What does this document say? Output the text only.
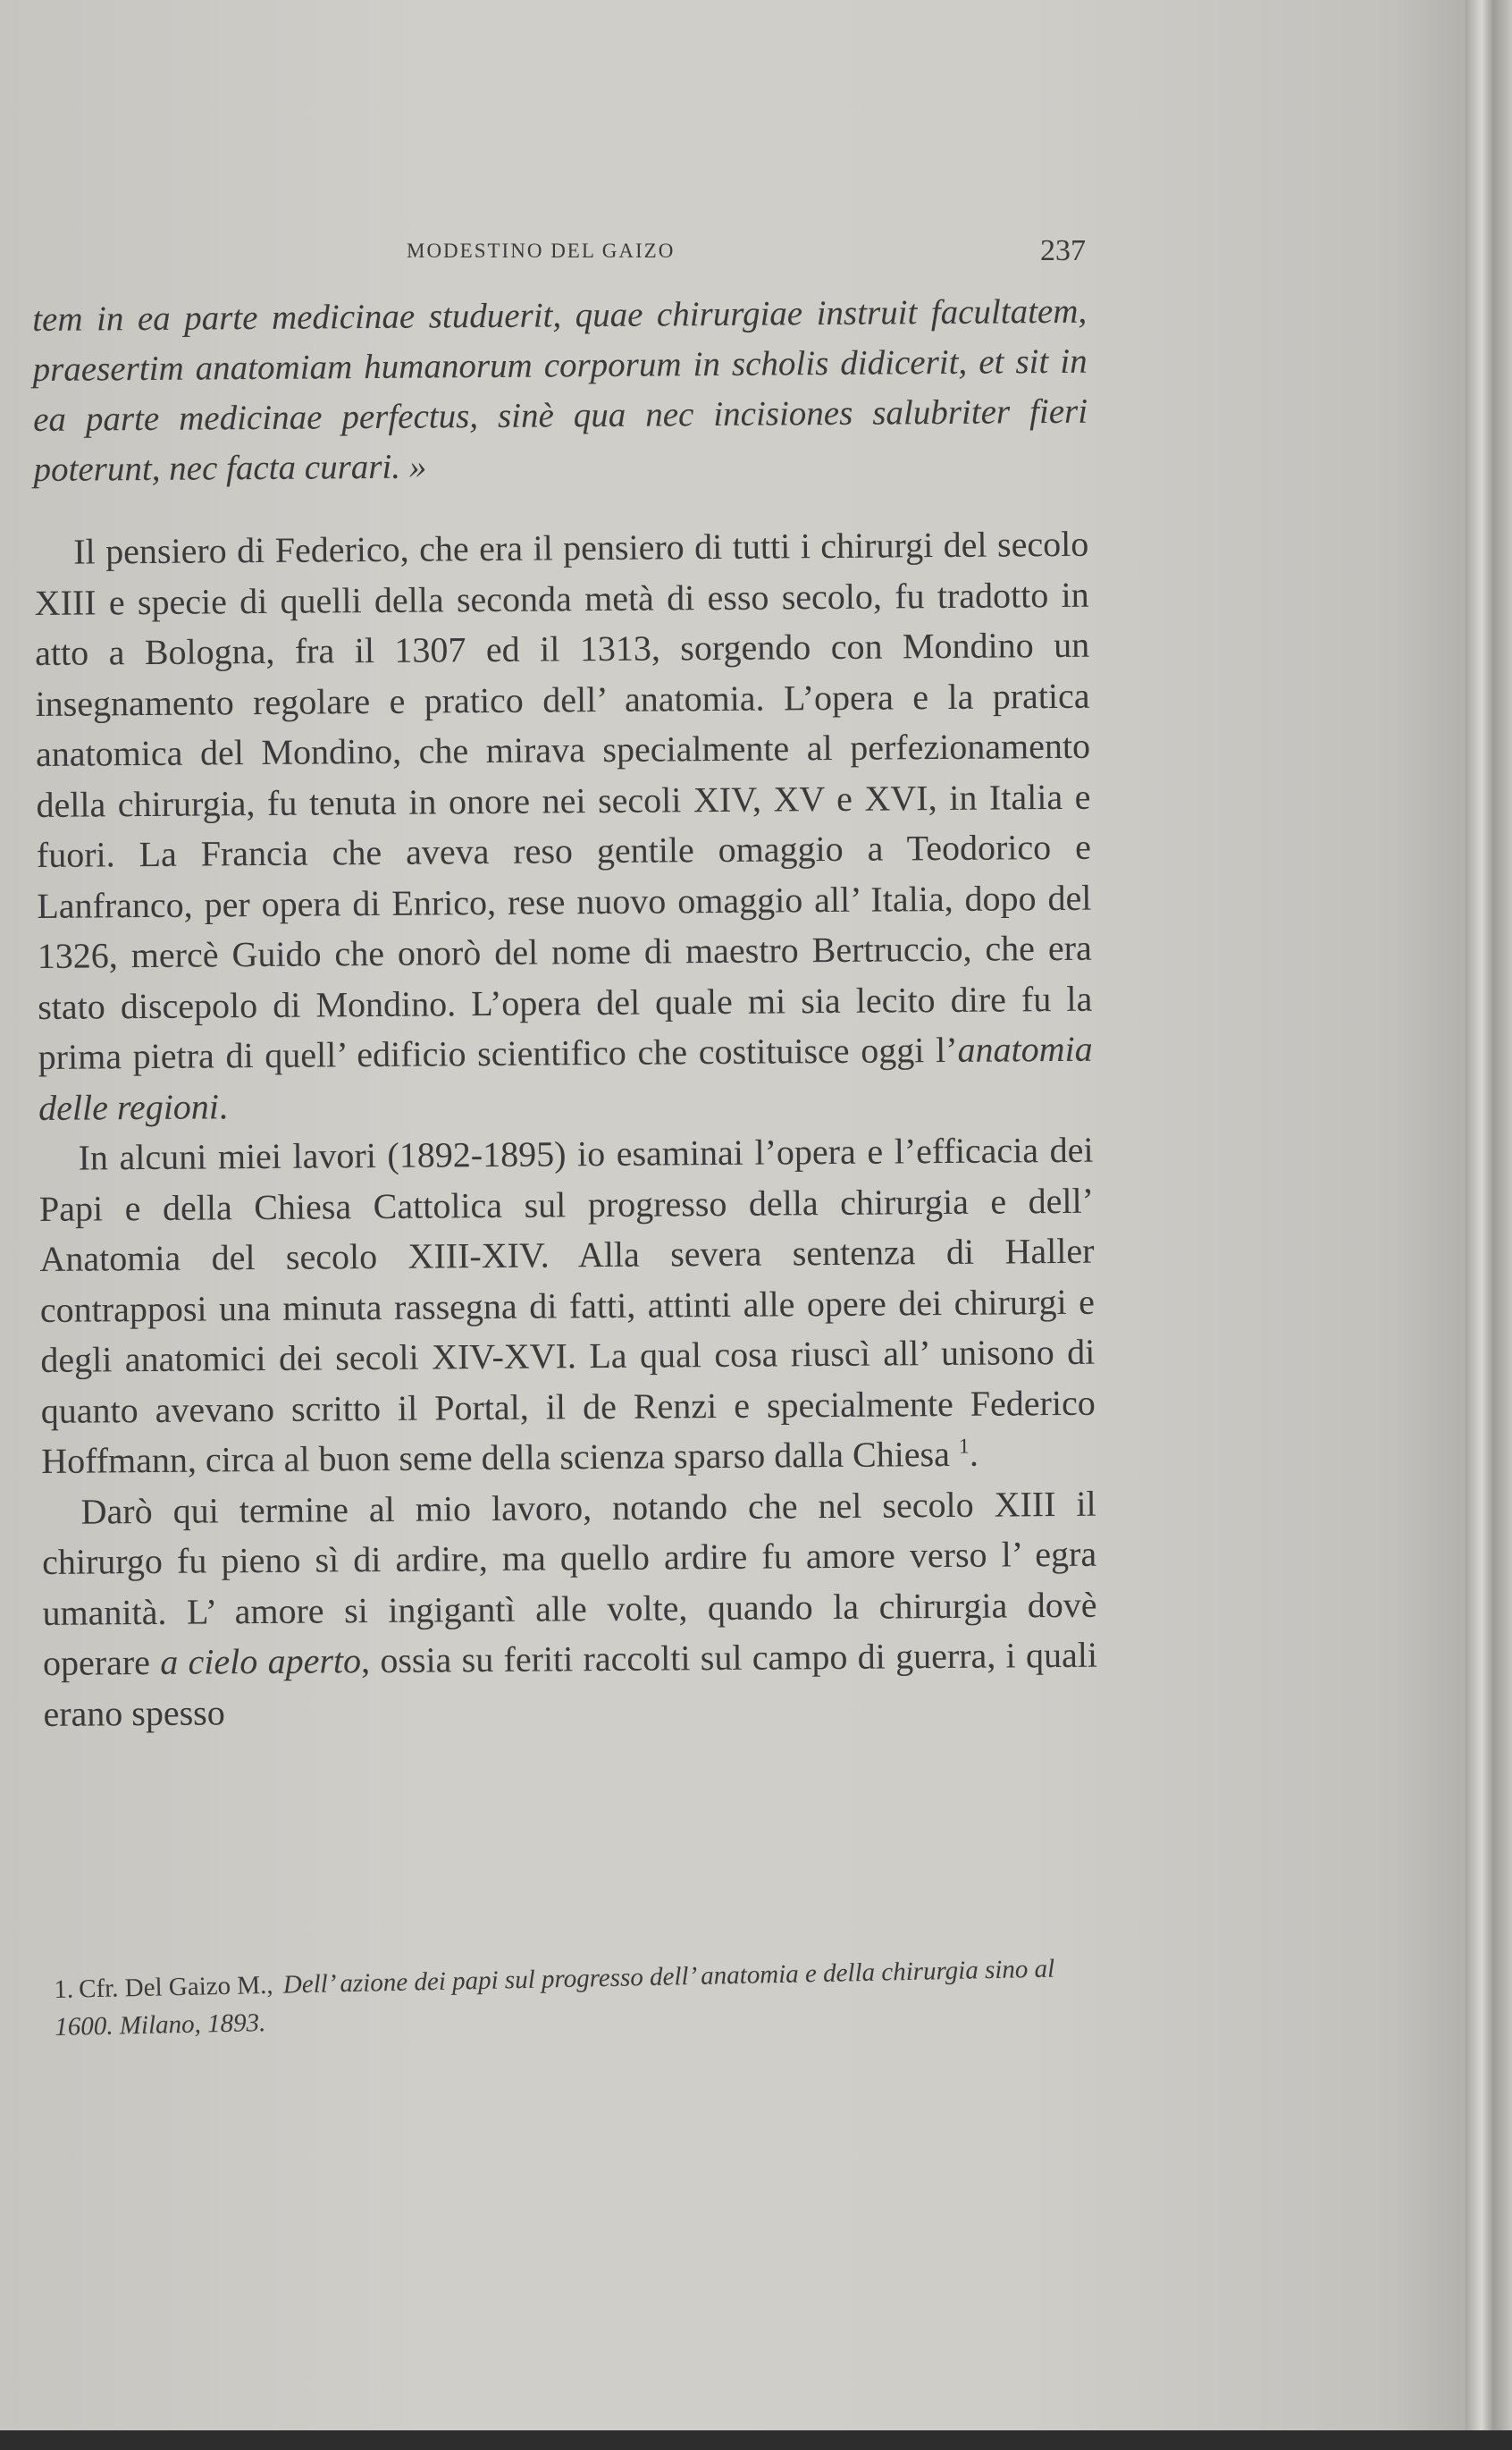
MODESTINO DEL GAIZO	237

tem in ea parte medicinae studuerit, quae chirurgiae instruit facultatem, praesertim anatomiam humanorum corporum in scholis didicerit, et sit in ea parte medicinae perfectus, sinè qua nec incisiones salubriter fieri poterunt, nec facta curari. »

Il pensiero di Federico, che era il pensiero di tutti i chirurgi del secolo XIII e specie di quelli della seconda metà di esso secolo, fu tradotto in atto a Bologna, fra il 1307 ed il 1313, sorgendo con Mondino un insegnamento regolare e pratico dell’ anatomia. L’opera e la pratica anatomica del Mondino, che mirava specialmente al perfezionamento della chirurgia, fu tenuta in onore nei secoli XIV, XV e XVI, in Italia e fuori. La Francia che aveva reso gentile omaggio a Teodorico e Lanfranco, per opera di Enrico, rese nuovo omaggio all’ Italia, dopo del 1326, mercè Guido che onorò del nome di maestro Bertruccio, che era stato discepolo di Mondino. L’opera del quale mi sia lecito dire fu la prima pietra di quell’ edificio scientifico che costituisce oggi l’anatomia delle regioni.

In alcuni miei lavori (1892-1895) io esaminai l’opera e l’efficacia dei Papi e della Chiesa Cattolica sul progresso della chirurgia e dell’ Anatomia del secolo XIII-XIV. Alla severa sentenza di Haller contrapposi una minuta rassegna di fatti, attinti alle opere dei chirurgi e degli anatomici dei secoli XIV-XVI. La qual cosa riuscì all’ unisono di quanto avevano scritto il Portal, il de Renzi e specialmente Federico Hoffmann, circa al buon seme della scienza sparso dalla Chiesa $^1$.

Darò qui termine al mio lavoro, notando che nel secolo XIII il chirurgo fu pieno sì di ardire, ma quello ardire fu amore verso l’ egra umanità. L’ amore si ingigantì alle volte, quando la chirurgia dovè operare a cielo aperto, ossia su feriti raccolti sul campo di guerra, i quali erano spesso

1. Cfr. Del Gaizo M., Dell’ azione dei papi sul progresso dell’ anatomia e della chirurgia sino al 1600. Milano, 1893.
